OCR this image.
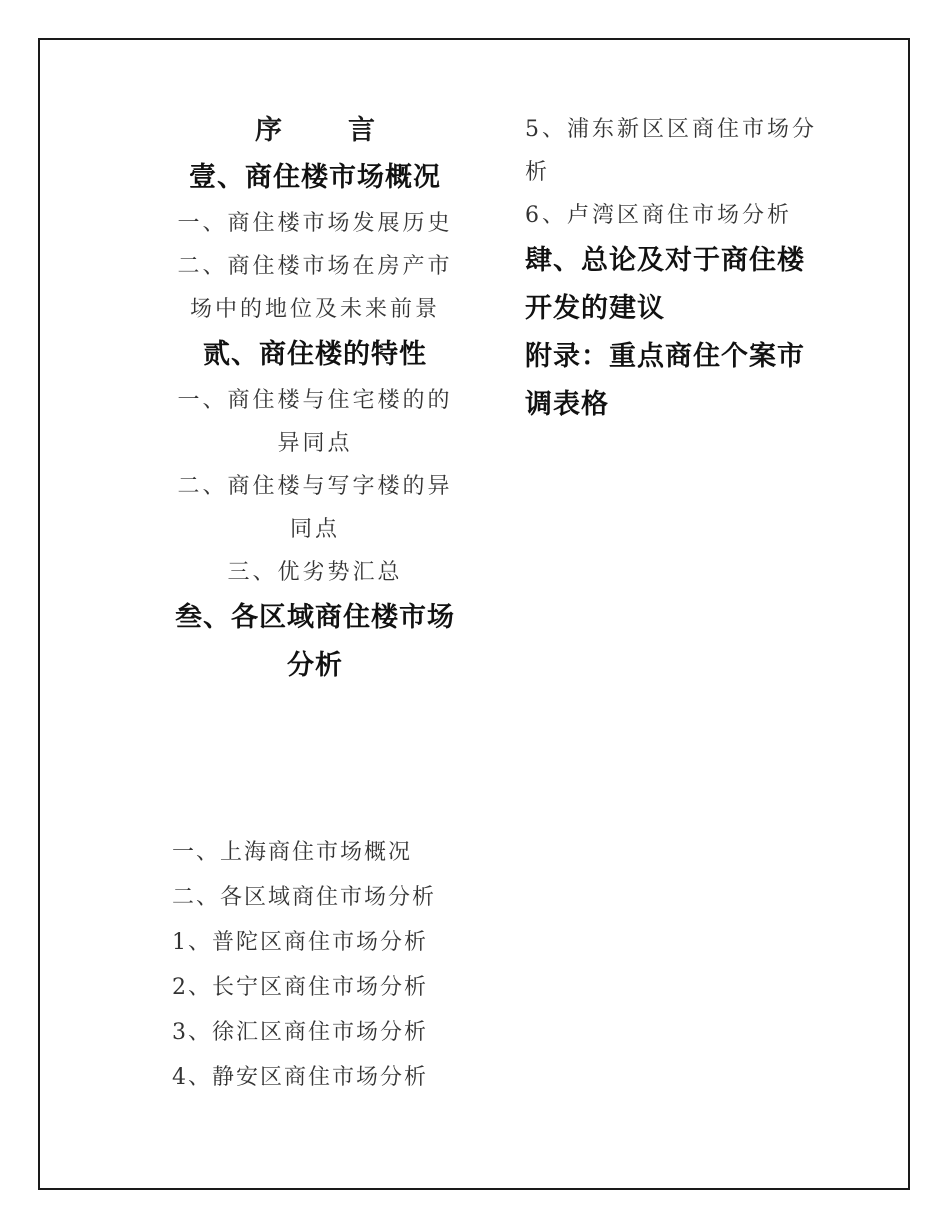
序 言
壹、商住楼市场概况
一、商住楼市场发展历史
二、商住楼市场在房产市
场中的地位及未来前景
贰、商住楼的特性
一、商住楼与住宅楼的的
异同点
二、商住楼与写字楼的异
同点
三、优劣势汇总
叁、各区域商住楼市场
分析
一、上海商住市场概况
二、各区域商住市场分析
1、普陀区商住市场分析
2、长宁区商住市场分析
3、徐汇区商住市场分析
4、静安区商住市场分析
5、浦东新区区商住市场分
析
6、卢湾区商住市场分析
肆、总论及对于商住楼
开发的建议
附录：重点商住个案市
调表格
